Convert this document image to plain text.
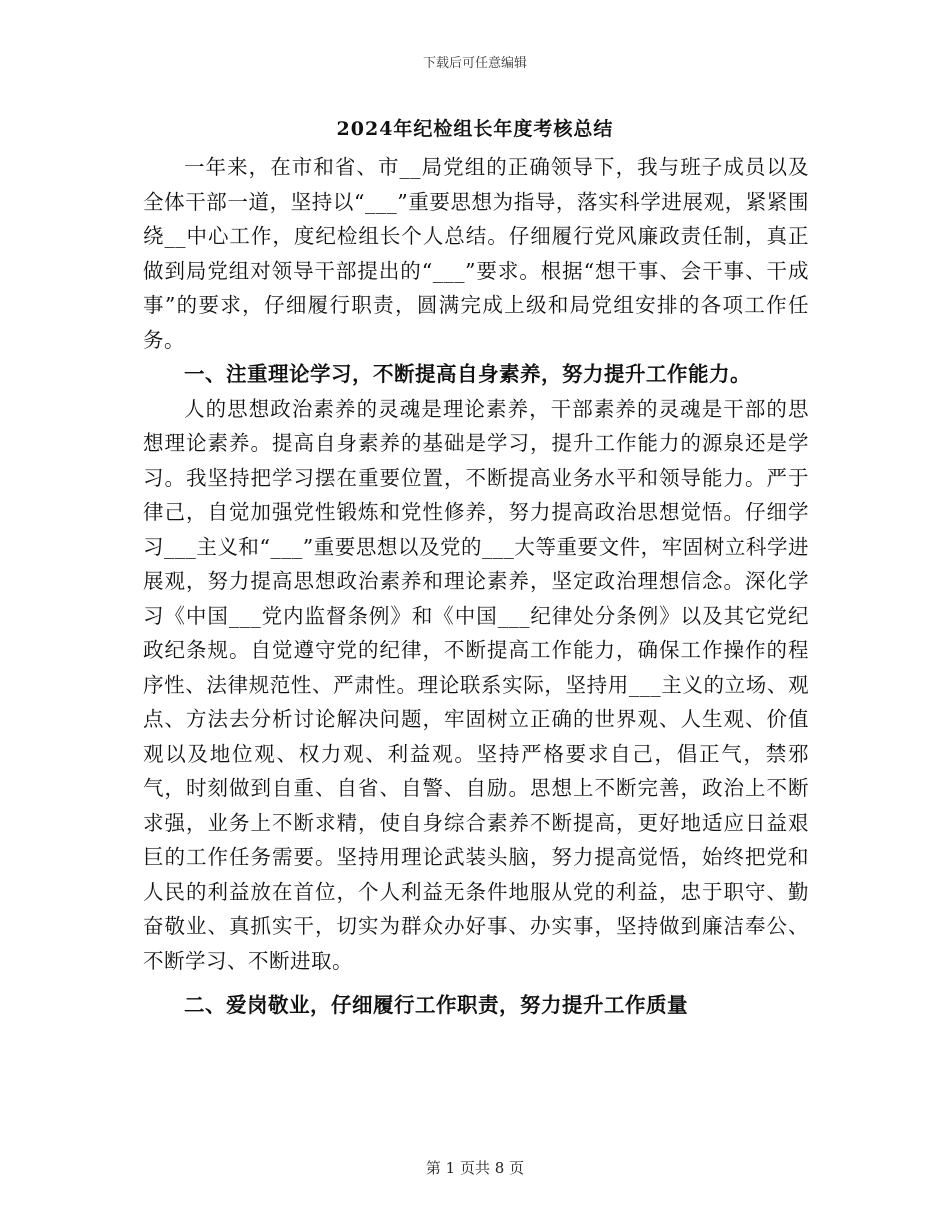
下载后可任意编辑
2024年纪检组长年度考核总结

一年来，在市和省、市__局党组的正确领导下，我与班子成员以及全体干部一道，坚持以“___”重要思想为指导，落实科学进展观，紧紧围绕__中心工作，度纪检组长个人总结。仔细履行党风廉政责任制，真正做到局党组对领导干部提出的“___”要求。根据“想干事、会干事、干成事”的要求，仔细履行职责，圆满完成上级和局党组安排的各项工作任务。

一、注重理论学习，不断提高自身素养，努力提升工作能力。

人的思想政治素养的灵魂是理论素养，干部素养的灵魂是干部的思想理论素养。提高自身素养的基础是学习，提升工作能力的源泉还是学习。我坚持把学习摆在重要位置，不断提高业务水平和领导能力。严于律己，自觉加强党性锻炼和党性修养，努力提高政治思想觉悟。仔细学习___主义和“___”重要思想以及党的___大等重要文件，牢固树立科学进展观，努力提高思想政治素养和理论素养，坚定政治理想信念。深化学习《中国___党内监督条例》和《中国___纪律处分条例》以及其它党纪政纪条规。自觉遵守党的纪律，不断提高工作能力，确保工作操作的程序性、法律规范性、严肃性。理论联系实际，坚持用___主义的立场、观点、方法去分析讨论解决问题，牢固树立正确的世界观、人生观、价值观以及地位观、权力观、利益观。坚持严格要求自己，倡正气，禁邪气，时刻做到自重、自省、自警、自励。思想上不断完善，政治上不断求强，业务上不断求精，使自身综合素养不断提高，更好地适应日益艰巨的工作任务需要。坚持用理论武装头脑，努力提高觉悟，始终把党和人民的利益放在首位，个人利益无条件地服从党的利益，忠于职守、勤奋敬业、真抓实干，切实为群众办好事、办实事，坚持做到廉洁奉公、不断学习、不断进取。

二、爱岗敬业，仔细履行工作职责，努力提升工作质量

第 1 页共 8 页
